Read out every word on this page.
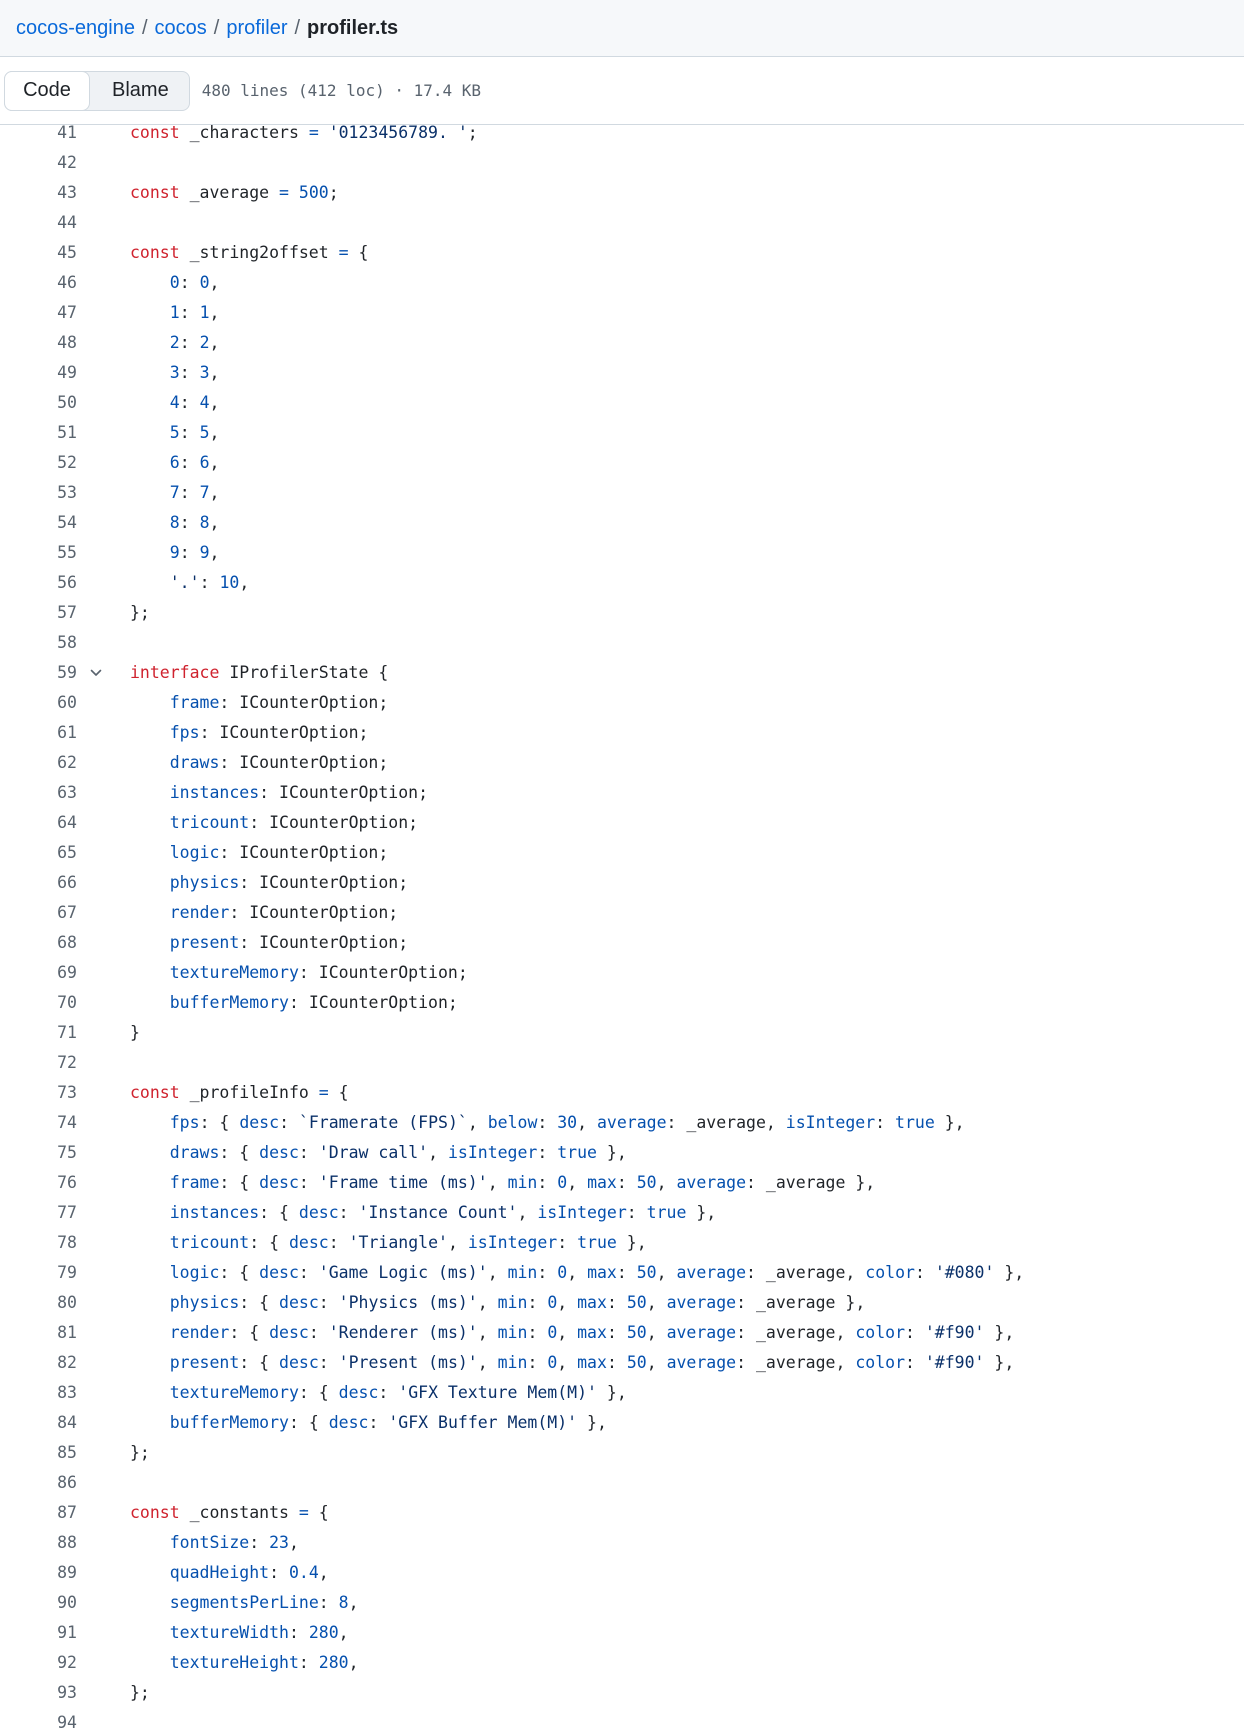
cocos-engine / cocos / profiler / profiler.ts
Code	Blame	480 lines (412 loc) · 17.4 KB
41	const _characters = '0123456789. ';
42
43	const _average = 500;
44
45	const _string2offset = {
46	0: 0,
47	1: 1,
48	2: 2,
49	3: 3,
50	4: 4,
51	5: 5,
52	6: 6,
53	7: 7,
54	8: 8,
55	9: 9,
56	'.': 10,
57	};
58
59	interface IProfilerState {
60	frame: ICounterOption;
61	fps: ICounterOption;
62	draws: ICounterOption;
63	instances: ICounterOption;
64	tricount: ICounterOption;
65	logic: ICounterOption;
66	physics: ICounterOption;
67	render: ICounterOption;
68	present: ICounterOption;
69	textureMemory: ICounterOption;
70	bufferMemory: ICounterOption;
71	}
72
73	const _profileInfo = {
74	fps: { desc: `Framerate (FPS)`, below: 30, average: _average, isInteger: true },
75	draws: { desc: 'Draw call', isInteger: true },
76	frame: { desc: 'Frame time (ms)', min: 0, max: 50, average: _average },
77	instances: { desc: 'Instance Count', isInteger: true },
78	tricount: { desc: 'Triangle', isInteger: true },
79	logic: { desc: 'Game Logic (ms)', min: 0, max: 50, average: _average, color: '#080' },
80	physics: { desc: 'Physics (ms)', min: 0, max: 50, average: _average },
81	render: { desc: 'Renderer (ms)', min: 0, max: 50, average: _average, color: '#f90' },
82	present: { desc: 'Present (ms)', min: 0, max: 50, average: _average, color: '#f90' },
83	textureMemory: { desc: 'GFX Texture Mem(M)' },
84	bufferMemory: { desc: 'GFX Buffer Mem(M)' },
85	};
86
87	const _constants = {
88	fontSize: 23,
89	quadHeight: 0.4,
90	segmentsPerLine: 8,
91	textureWidth: 280,
92	textureHeight: 280,
93	};
94
